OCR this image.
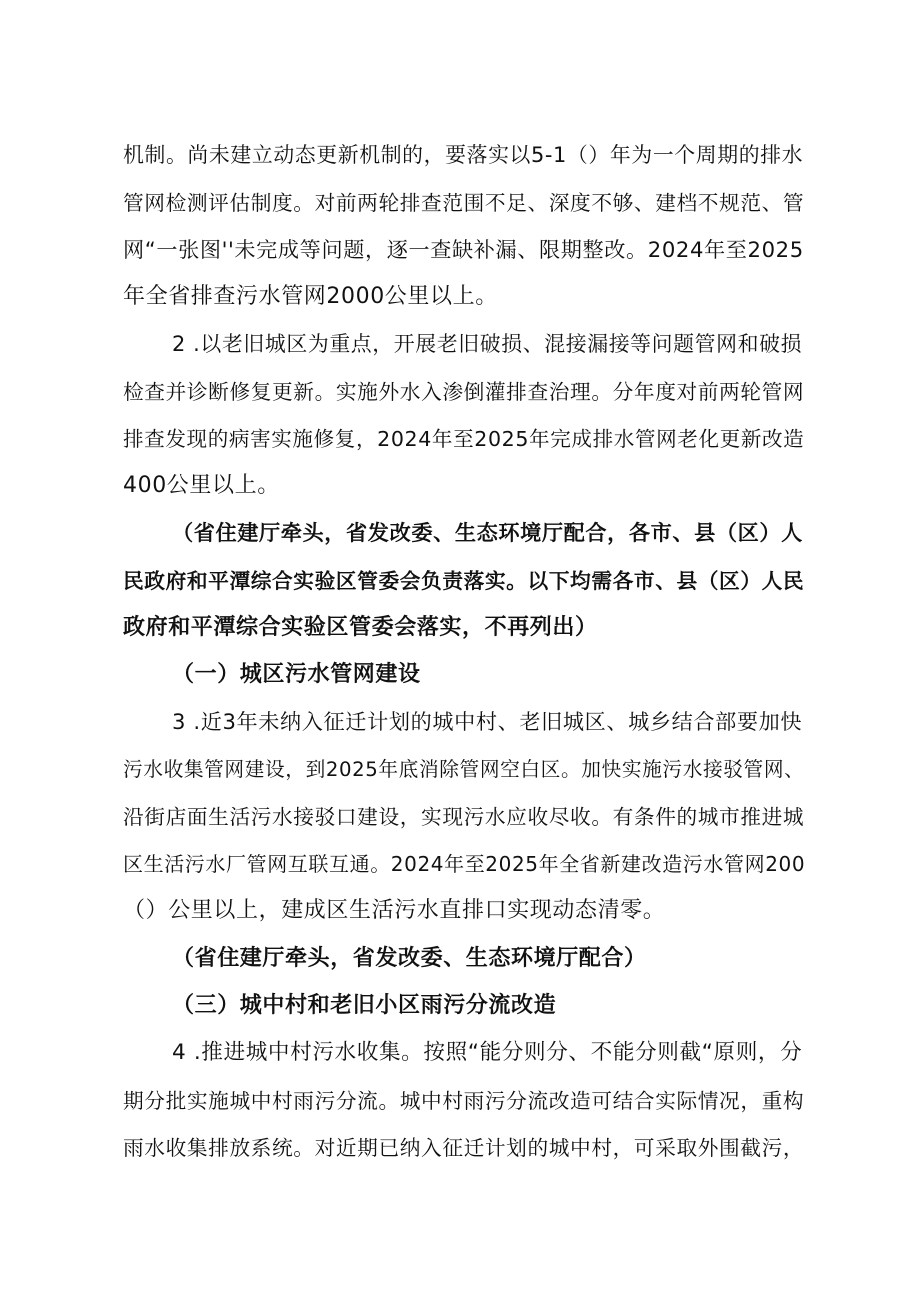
机制。尚未建立动态更新机制的，要落实以5-1（）年为一个周期的排水
管网检测评估制度。对前两轮排查范围不足、深度不够、建档不规范、管
网“一张图''未完成等问题，逐一查缺补漏、限期整改。2024年至2025
年全省排查污水管网2000公里以上。
2 .以老旧城区为重点，开展老旧破损、混接漏接等问题管网和破损
检查并诊断修复更新。实施外水入渗倒灌排查治理。分年度对前两轮管网
排查发现的病害实施修复，2024年至2025年完成排水管网老化更新改造
400公里以上。
（省住建厅牵头，省发改委、生态环境厅配合，各市、县（区）人
民政府和平潭综合实验区管委会负责落实。以下均需各市、县（区）人民
政府和平潭综合实验区管委会落实，不再列出）
（一）城区污水管网建设
3 .近3年未纳入征迁计划的城中村、老旧城区、城乡结合部要加快
污水收集管网建设，到2025年底消除管网空白区。加快实施污水接驳管网、
沿街店面生活污水接驳口建设，实现污水应收尽收。有条件的城市推进城
区生活污水厂管网互联互通。2024年至2025年全省新建改造污水管网200
（）公里以上，建成区生活污水直排口实现动态清零。
（省住建厅牵头，省发改委、生态环境厅配合）
（三）城中村和老旧小区雨污分流改造
4 .推进城中村污水收集。按照“能分则分、不能分则截“原则，分
期分批实施城中村雨污分流。城中村雨污分流改造可结合实际情况，重构
雨水收集排放系统。对近期已纳入征迁计划的城中村，可采取外围截污，
